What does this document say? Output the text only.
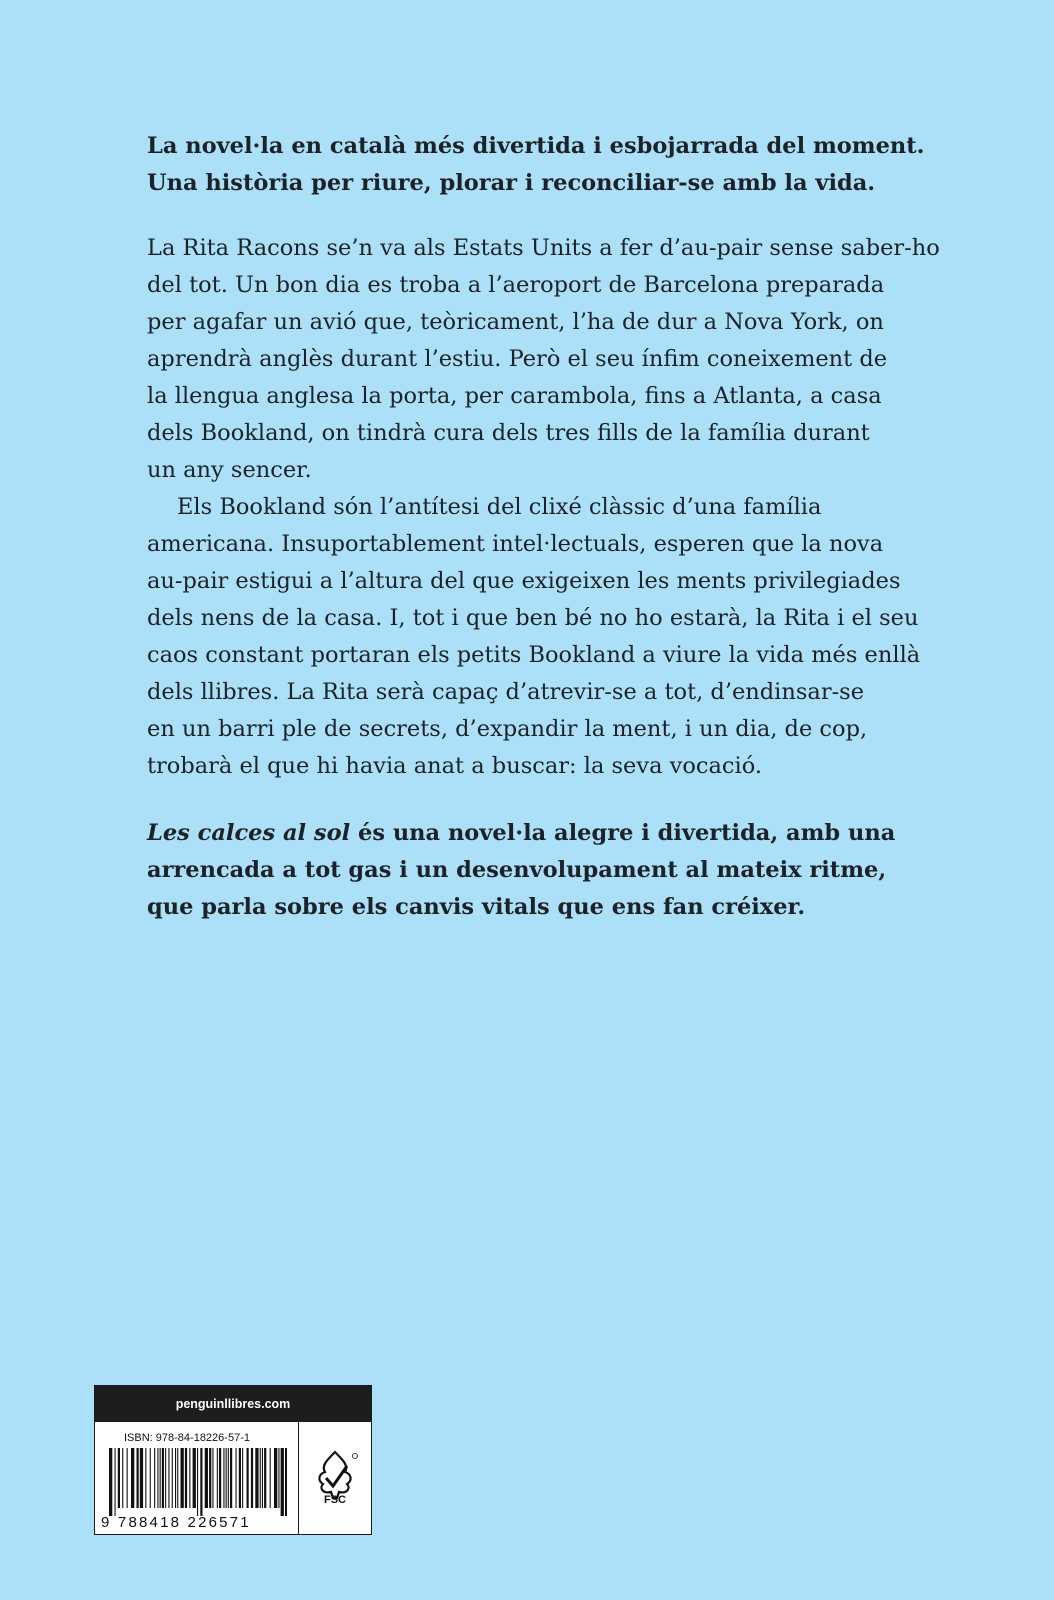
La novel·la en català més divertida i esbojarrada del moment.
Una història per riure, plorar i reconciliar-se amb la vida.

La Rita Racons se’n va als Estats Units a fer d’au-pair sense saber-ho
del tot. Un bon dia es troba a l’aeroport de Barcelona preparada
per agafar un avió que, teòricament, l’ha de dur a Nova York, on
aprendrà anglès durant l’estiu. Però el seu ínfim coneixement de
la llengua anglesa la porta, per carambola, fins a Atlanta, a casa
dels Bookland, on tindrà cura dels tres fills de la família durant
un any sencer.

Els Bookland són l’antítesi del clixé clàssic d’una família
americana. Insuportablement intel·lectuals, esperen que la nova
au-pair estigui a l’altura del que exigeixen les ments privilegiades
dels nens de la casa. I, tot i que ben bé no ho estarà, la Rita i el seu
caos constant portaran els petits Bookland a viure la vida més enllà
dels llibres. La Rita serà capaç d’atrevir-se a tot, d’endinsar-se
en un barri ple de secrets, d’expandir la ment, i un dia, de cop,
trobarà el que hi havia anat a buscar: la seva vocació.

Les calces al sol és una novel·la alegre i divertida, amb una
arrencada a tot gas i un desenvolupament al mateix ritme,
que parla sobre els canvis vitals que ens fan créixer.

penguinllibres.com
ISBN: 978-84-18226-57-1
9 788418 226571
FSC
